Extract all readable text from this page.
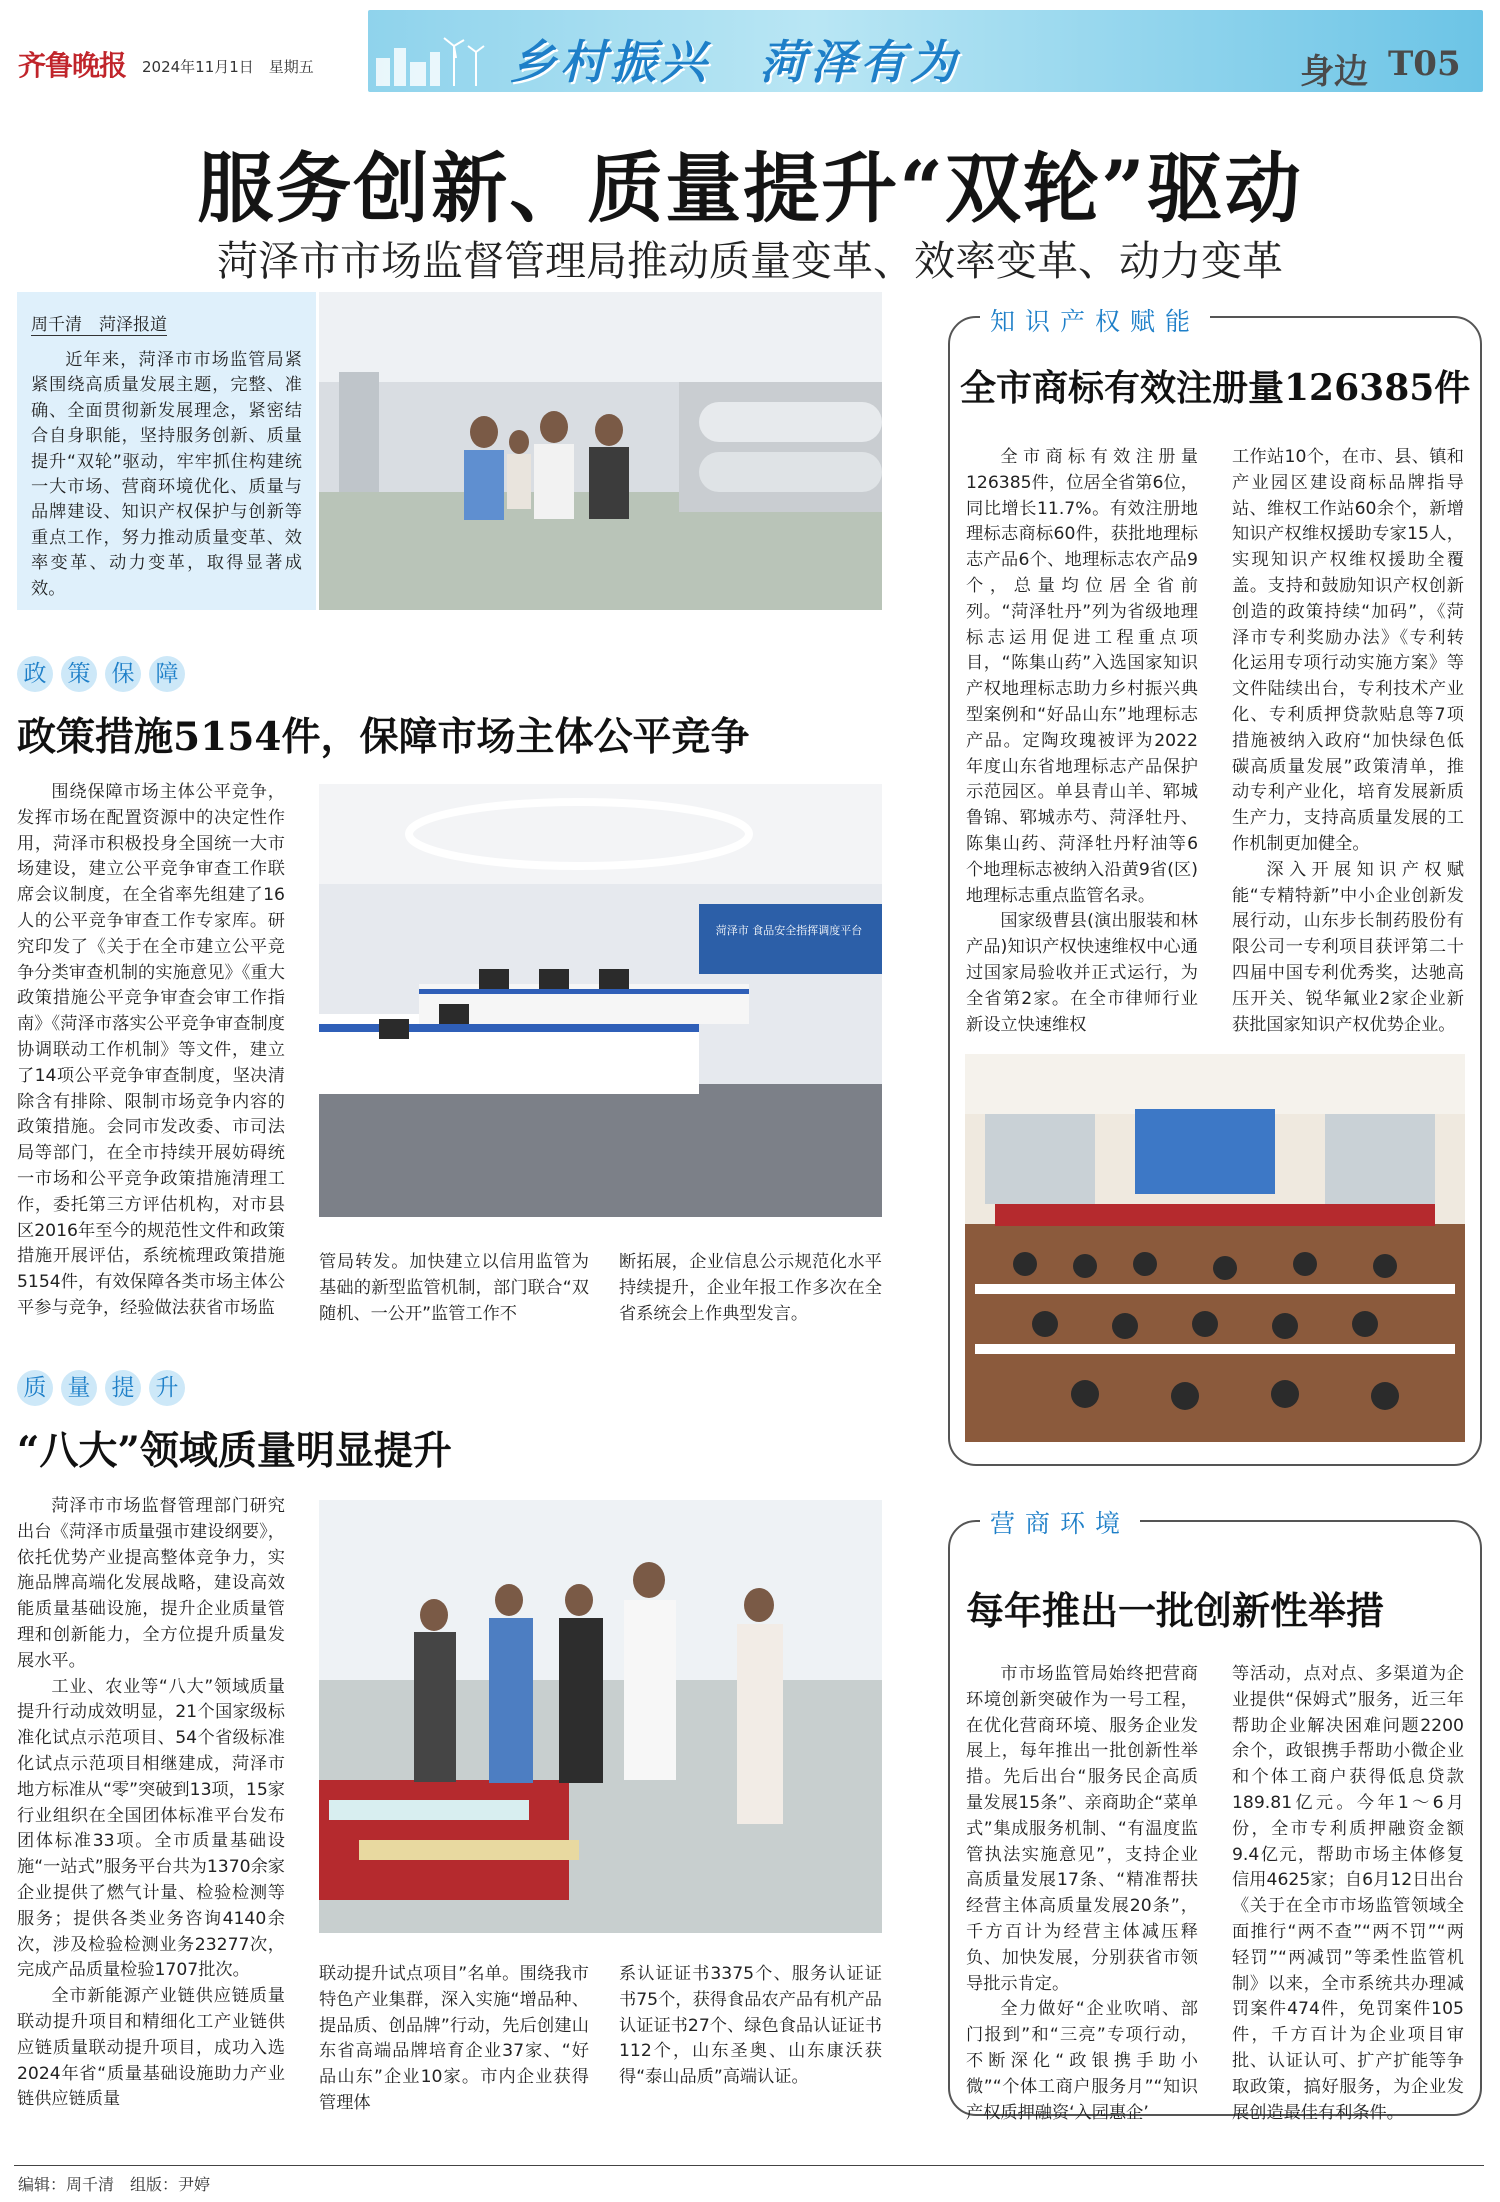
齐鲁晚报 2024年11月1日　星期五	乡村振兴　菏泽有为	身边 T05
服务创新、质量提升“双轮”驱动
菏泽市市场监督管理局推动质量变革、效率变革、动力变革
周千清　菏泽报道
近年来，菏泽市市场监管局紧紧围绕高质量发展主题，完整、准确、全面贯彻新发展理念，紧密结合自身职能，坚持服务创新、质量提升“双轮”驱动，牢牢抓住构建统一大市场、营商环境优化、质量与品牌建设、知识产权保护与创新等重点工作，努力推动质量变革、效率变革、动力变革，取得显著成效。
政 策 保 障
政策措施5154件，保障市场主体公平竞争

围绕保障市场主体公平竞争，发挥市场在配置资源中的决定性作用，菏泽市积极投身全国统一大市场建设，建立公平竞争审查工作联席会议制度，在全省率先组建了16人的公平竞争审查工作专家库。研究印发了《关于在全市建立公平竞争分类审查机制的实施意见》《重大政策措施公平竞争审查会审工作指南》《菏泽市落实公平竞争审查制度协调联动工作机制》等文件，建立了14项公平竞争审查制度，坚决清除含有排除、限制市场竞争内容的政策措施。会同市发改委、市司法局等部门，在全市持续开展妨碍统一市场和公平竞争政策措施清理工作，委托第三方评估机构，对市县区2016年至今的规范性文件和政策措施开展评估，系统梳理政策措施5154件，有效保障各类市场主体公平参与竞争，经验做法获省市场监

菏泽市 食品安全指挥调度平台

管局转发。加快建立以信用监管为基础的新型监管机制，部门联合“双随机、一公开”监管工作不

断拓展，企业信息公示规范化水平持续提升，企业年报工作多次在全省系统会上作典型发言。

质 量 提 升
“八大”领域质量明显提升

菏泽市市场监督管理部门研究出台《菏泽市质量强市建设纲要》，依托优势产业提高整体竞争力，实施品牌高端化发展战略，建设高效能质量基础设施，提升企业质量管理和创新能力，全方位提升质量发展水平。

工业、农业等“八大”领域质量提升行动成效明显，21个国家级标准化试点示范项目、54个省级标准化试点示范项目相继建成，菏泽市地方标准从“零”突破到13项，15家行业组织在全国团体标准平台发布团体标准33项。全市质量基础设施“一站式”服务平台共为1370余家企业提供了燃气计量、检验检测等服务；提供各类业务咨询4140余次，涉及检验检测业务23277次，完成产品质量检验1707批次。

全市新能源产业链供应链质量联动提升项目和精细化工产业链供应链质量联动提升项目，成功入选2024年省“质量基础设施助力产业链供应链质量

联动提升试点项目”名单。围绕我市特色产业集群，深入实施“增品种、提品质、创品牌”行动，先后创建山东省高端品牌培育企业37家、“好品山东”企业10家。市内企业获得管理体

系认证证书3375个、服务认证证书75个，获得食品农产品有机产品认证证书27个、绿色食品认证证书112个，山东圣奥、山东康沃获得“泰山品质”高端认证。

知识产权赋能
全市商标有效注册量126385件

全市商标有效注册量126385件，位居全省第6位，同比增长11.7%。有效注册地理标志商标60件，获批地理标志产品6个、地理标志农产品9个，总量均位居全省前列。“菏泽牡丹”列为省级地理标志运用促进工程重点项目，“陈集山药”入选国家知识产权地理标志助力乡村振兴典型案例和“好品山东”地理标志产品。定陶玫瑰被评为2022年度山东省地理标志产品保护示范园区。单县青山羊、郓城鲁锦、郓城赤芍、菏泽牡丹、陈集山药、菏泽牡丹籽油等6个地理标志被纳入沿黄9省(区)地理标志重点监管名录。

国家级曹县(演出服装和林产品)知识产权快速维权中心通过国家局验收并正式运行，为全省第2家。在全市律师行业新设立快速维权

工作站10个，在市、县、镇和产业园区建设商标品牌指导站、维权工作站60余个，新增知识产权维权援助专家15人，实现知识产权维权援助全覆盖。支持和鼓励知识产权创新创造的政策持续“加码”，《菏泽市专利奖励办法》《专利转化运用专项行动实施方案》等文件陆续出台，专利技术产业化、专利质押贷款贴息等7项措施被纳入政府“加快绿色低碳高质量发展”政策清单，推动专利产业化，培育发展新质生产力，支持高质量发展的工作机制更加健全。

深入开展知识产权赋能“专精特新”中小企业创新发展行动，山东步长制药股份有限公司一专利项目获评第二十四届中国专利优秀奖，达驰高压开关、锐华氟业2家企业新获批国家知识产权优势企业。

营商环境
每年推出一批创新性举措

市市场监管局始终把营商环境创新突破作为一号工程，在优化营商环境、服务企业发展上，每年推出一批创新性举措。先后出台“服务民企高质量发展15条”、亲商助企“菜单式”集成服务机制、“有温度监管执法实施意见”，支持企业高质量发展17条、“精准帮扶经营主体高质量发展20条”，千方百计为经营主体减压释负、加快发展，分别获省市领导批示肯定。

全力做好“企业吹哨、部门报到”和“三亮”专项行动，不断深化“政银携手助小微”“个体工商户服务月”“知识产权质押融资‘入园惠企’

等活动，点对点、多渠道为企业提供“保姆式”服务，近三年帮助企业解决困难问题2200余个，政银携手帮助小微企业和个体工商户获得低息贷款189.81亿元。今年1～6月份，全市专利质押融资金额9.4亿元，帮助市场主体修复信用4625家；自6月12日出台《关于在全市市场监管领域全面推行“两不查”“两不罚”“两轻罚”“两减罚”等柔性监管机制》以来，全市系统共办理减罚案件474件，免罚案件105件，千方百计为企业项目审批、认证认可、扩产扩能等争取政策，搞好服务，为企业发展创造最佳有利条件。

编辑：周千清　组版：尹婷
